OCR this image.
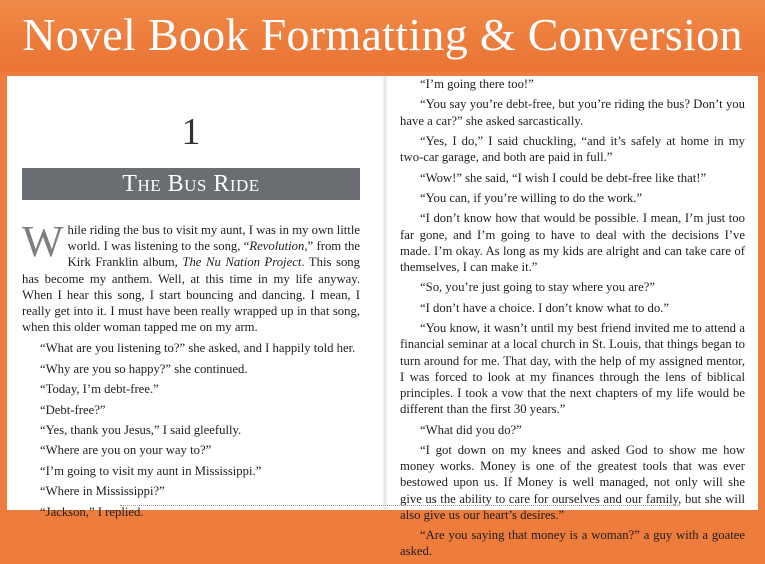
Novel Book Formatting & Conversion
1
The Bus Ride

While riding the bus to visit my aunt, I was in my own little world. I was listening to the song, “Revolution,” from the Kirk Franklin album, The Nu Nation Project. This song has become my anthem. Well, at this time in my life anyway. When I hear this song, I start bouncing and dancing. I mean, I really get into it. I must have been really wrapped up in that song, when this older woman tapped me on my arm.

“What are you listening to?” she asked, and I happily told her.

“Why are you so happy?” she continued.

“Today, I’m debt-free.”

“Debt-free?”

“Yes, thank you Jesus,” I said gleefully.

“Where are you on your way to?”

“I’m going to visit my aunt in Mississippi.”

“Where in Mississippi?”

“Jackson,” I replied.

“I’m going there too!”

“You say you’re debt-free, but you’re riding the bus? Don’t you have a car?” she asked sarcastically.

“Yes, I do,” I said chuckling, “and it’s safely at home in my two-car garage, and both are paid in full.”

“Wow!” she said, “I wish I could be debt-free like that!”

“You can, if you’re willing to do the work.”

“I don’t know how that would be possible. I mean, I’m just too far gone, and I’m going to have to deal with the decisions I’ve made. I’m okay. As long as my kids are alright and can take care of themselves, I can make it.”

“So, you’re just going to stay where you are?”

“I don’t have a choice. I don’t know what to do.”

“You know, it wasn’t until my best friend invited me to attend a financial seminar at a local church in St. Louis, that things began to turn around for me. That day, with the help of my assigned mentor, I was forced to look at my finances through the lens of biblical principles. I took a vow that the next chapters of my life would be different than the first 30 years.”

“What did you do?”

“I got down on my knees and asked God to show me how money works. Money is one of the greatest tools that was ever bestowed upon us. If Money is well managed, not only will she give us the ability to care for ourselves and our family, but she will also give us our heart’s desires.”

“Are you saying that money is a woman?” a guy with a goatee asked.
